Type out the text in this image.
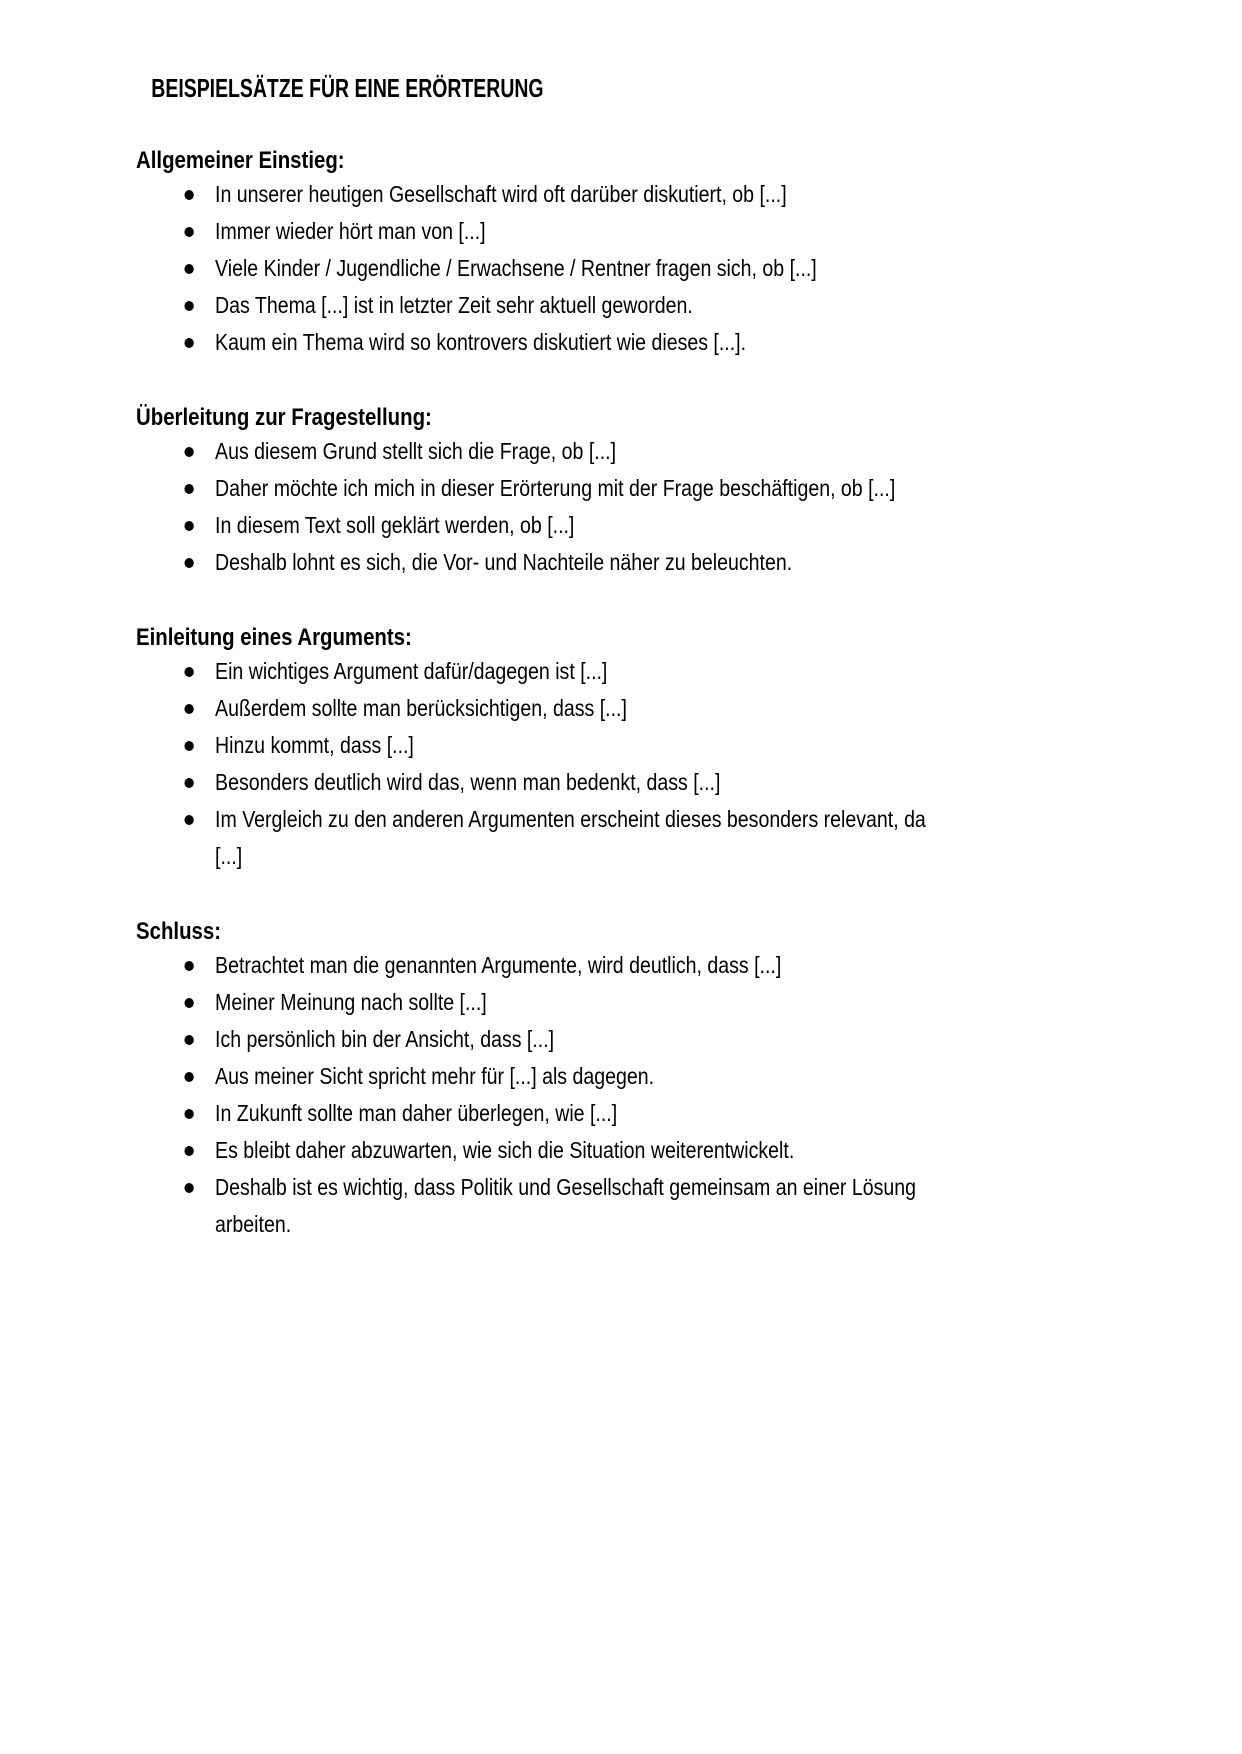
BEISPIELSÄTZE FÜR EINE ERÖRTERUNG
Allgemeiner Einstieg:
In unserer heutigen Gesellschaft wird oft darüber diskutiert, ob [...]
Immer wieder hört man von [...]
Viele Kinder / Jugendliche / Erwachsene / Rentner fragen sich, ob [...]
Das Thema [...] ist in letzter Zeit sehr aktuell geworden.
Kaum ein Thema wird so kontrovers diskutiert wie dieses [...].
Überleitung zur Fragestellung:
Aus diesem Grund stellt sich die Frage, ob [...]
Daher möchte ich mich in dieser Erörterung mit der Frage beschäftigen, ob [...]
In diesem Text soll geklärt werden, ob [...]
Deshalb lohnt es sich, die Vor- und Nachteile näher zu beleuchten.
Einleitung eines Arguments:
Ein wichtiges Argument dafür/dagegen ist [...]
Außerdem sollte man berücksichtigen, dass [...]
Hinzu kommt, dass [...]
Besonders deutlich wird das, wenn man bedenkt, dass [...]
Im Vergleich zu den anderen Argumenten erscheint dieses besonders relevant, da
[...]
Schluss:
Betrachtet man die genannten Argumente, wird deutlich, dass [...]
Meiner Meinung nach sollte [...]
Ich persönlich bin der Ansicht, dass [...]
Aus meiner Sicht spricht mehr für [...] als dagegen.
In Zukunft sollte man daher überlegen, wie [...]
Es bleibt daher abzuwarten, wie sich die Situation weiterentwickelt.
Deshalb ist es wichtig, dass Politik und Gesellschaft gemeinsam an einer Lösung
arbeiten.
